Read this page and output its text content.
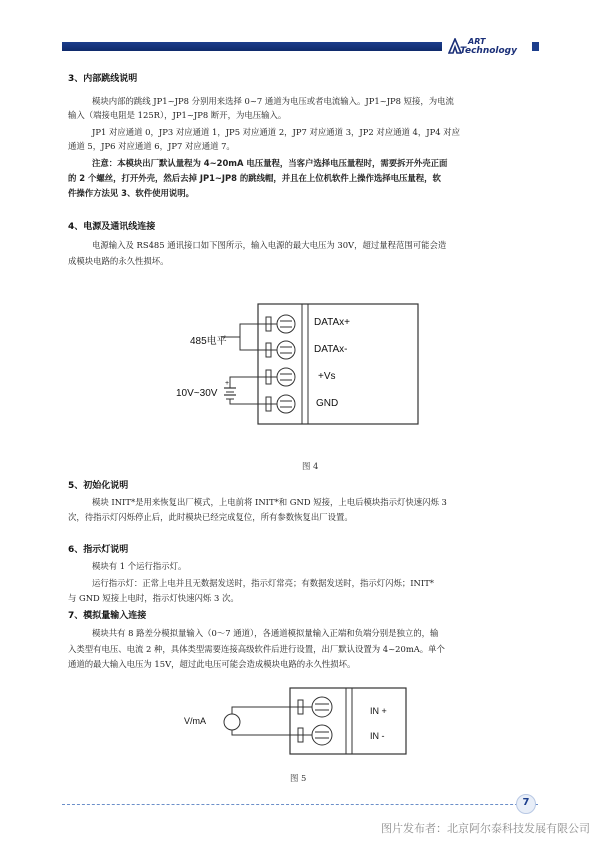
ART
Technology
3、内部跳线说明
模块内部的跳线 JP1~JP8 分别用来选择 0~7 通道为电压或者电流输入。JP1~JP8 短接，为电流
输入（端接电阻是 125R），JP1~JP8 断开，为电压输入。
JP1 对应通道 0，JP3 对应通道 1，JP5 对应通道 2，JP7 对应通道 3，JP2 对应通道 4，JP4 对应
通道 5，JP6 对应通道 6，JP7 对应通道 7。
注意：本模块出厂默认量程为 4~20mA 电压量程，当客户选择电压量程时，需要拆开外壳正面
的 2 个螺丝，打开外壳，然后去掉 JP1~JP8 的跳线帽，并且在上位机软件上操作选择电压量程，软
件操作方法见 3、软件使用说明。
4、电源及通讯线连接
电源输入及 RS485 通讯接口如下图所示，输入电源的最大电压为 30V，超过量程范围可能会造
成模块电路的永久性损坏。
485电平
+
10V~30V
DATAx+
DATAx-
+Vs
GND
图 4
5、初始化说明
模块 INIT*是用来恢复出厂模式，上电前将 INIT*和 GND 短接，上电后模块指示灯快速闪烁 3
次，待指示灯闪烁停止后，此时模块已经完成复位，所有参数恢复出厂设置。
6、指示灯说明
模块有 1 个运行指示灯。
运行指示灯：正常上电并且无数据发送时，指示灯常亮；有数据发送时，指示灯闪烁；INIT*
与 GND 短接上电时，指示灯快速闪烁 3 次。
7、模拟量输入连接
模块共有 8 路差分模拟量输入（0～7 通道），各通道模拟量输入正端和负端分别是独立的，输
入类型有电压、电流 2 种，具体类型需要连接高级软件后进行设置，出厂默认设置为 4~20mA。单个
通道的最大输入电压为 15V，超过此电压可能会造成模块电路的永久性损坏。
V/mA
IN +
IN -
图 5
7
图片发布者：北京阿尔泰科技发展有限公司
